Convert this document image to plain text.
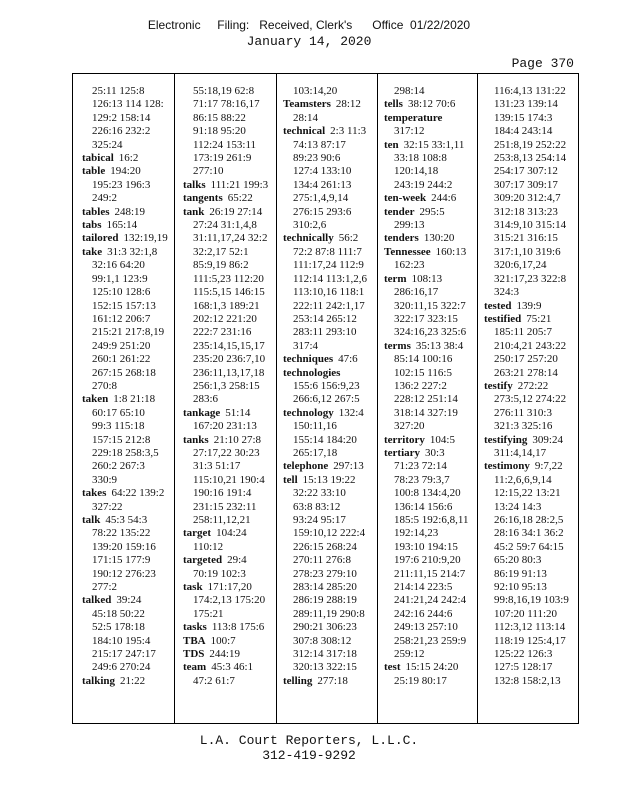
Electronic     Filing:   Received, Clerk's      Office  01/22/2020
January 14, 2020
Page 370
25:11 125:8
126:13 114 128:
129:2 158:14
226:16 232:2
325:24
tabical 16:2
table 194:20
195:23 196:3
249:2
tables 248:19
tabs 165:14
tailored 132:19,19
take 31:3 32:1,8
32:16 64:20
99:1,1 123:9
125:10 128:6
152:15 157:13
161:12 206:7
215:21 217:8,19
249:9 251:20
260:1 261:22
267:15 268:18
270:8
taken 1:8 21:18
60:17 65:10
99:3 115:18
157:15 212:8
229:18 258:3,5
260:2 267:3
330:9
takes 64:22 139:2
327:22
talk 45:3 54:3
78:22 135:22
139:20 159:16
171:15 177:9
190:12 276:23
277:2
talked 39:24
45:18 50:22
52:5 178:18
184:10 195:4
215:17 247:17
249:6 270:24
talking 21:22
55:18,19 62:8
71:17 78:16,17
86:15 88:22
91:18 95:20
112:24 153:11
173:19 261:9
277:10
talks 111:21 199:3
tangents 65:22
tank 26:19 27:14
27:24 31:1,4,8
31:11,17,24 32:2
32:2,17 52:1
85:9,19 86:2
111:5,23 112:20
115:5,15 146:15
168:1,3 189:21
202:12 221:20
222:7 231:16
235:14,15,15,17
235:20 236:7,10
236:11,13,17,18
256:1,3 258:15
283:6
tankage 51:14
167:20 231:13
tanks 21:10 27:8
27:17,22 30:23
31:3 51:17
115:10,21 190:4
190:16 191:4
231:15 232:11
258:11,12,21
target 104:24
110:12
targeted 29:4
70:19 102:3
task 171:17,20
174:2,13 175:20
175:21
tasks 113:8 175:6
TBA 100:7
TDS 244:19
team 45:3 46:1
47:2 61:7
103:14,20
Teamsters 28:12
28:14
technical 2:3 11:3
74:13 87:17
89:23 90:6
127:4 133:10
134:4 261:13
275:1,4,9,14
276:15 293:6
310:2,6
technically 56:2
72:2 87:8 111:7
111:17,24 112:9
112:14 113:1,2,6
113:10,16 118:1
222:11 242:1,17
253:14 265:12
283:11 293:10
317:4
techniques 47:6
technologies
155:6 156:9,23
266:6,12 267:5
technology 132:4
150:11,16
155:14 184:20
265:17,18
telephone 297:13
tell 15:13 19:22
32:22 33:10
63:8 83:12
93:24 95:17
159:10,12 222:4
226:15 268:24
270:11 276:8
278:23 279:10
283:14 285:20
286:19 288:19
289:11,19 290:8
290:21 306:23
307:8 308:12
312:14 317:18
320:13 322:15
telling 277:18
298:14
tells 38:12 70:6
temperature
317:12
ten 32:15 33:1,11
33:18 108:8
120:14,18
243:19 244:2
ten-week 244:6
tender 295:5
299:13
tenders 130:20
Tennessee 160:13
162:23
term 108:13
286:16,17
320:11,15 322:7
322:17 323:15
324:16,23 325:6
terms 35:13 38:4
85:14 100:16
102:15 116:5
136:2 227:2
228:12 251:14
318:14 327:19
327:20
territory 104:5
tertiary 30:3
71:23 72:14
78:23 79:3,7
100:8 134:4,20
136:14 156:6
185:5 192:6,8,11
192:14,23
193:10 194:15
197:6 210:9,20
211:11,15 214:7
214:14 223:5
241:21,24 242:4
242:16 244:6
249:13 257:10
258:21,23 259:9
259:12
test 15:15 24:20
25:19 80:17
116:4,13 131:22
131:23 139:14
139:15 174:3
184:4 243:14
251:8,19 252:22
253:8,13 254:14
254:17 307:12
307:17 309:17
309:20 312:4,7
312:18 313:23
314:9,10 315:14
315:21 316:15
317:1,10 319:6
320:6,17,24
321:17,23 322:8
324:3
tested 139:9
testified 75:21
185:11 205:7
210:4,21 243:22
250:17 257:20
263:21 278:14
testify 272:22
273:5,12 274:22
276:11 310:3
321:3 325:16
testifying 309:24
311:4,14,17
testimony 9:7,22
11:2,6,6,9,14
12:15,22 13:21
13:24 14:3
26:16,18 28:2,5
28:16 34:1 36:2
45:2 59:7 64:15
65:20 80:3
86:19 91:13
92:10 95:13
99:8,16,19 103:9
107:20 111:20
112:3,12 113:14
118:19 125:4,17
125:22 126:3
127:5 128:17
132:8 158:2,13
L.A. Court Reporters, L.L.C.
312-419-9292
